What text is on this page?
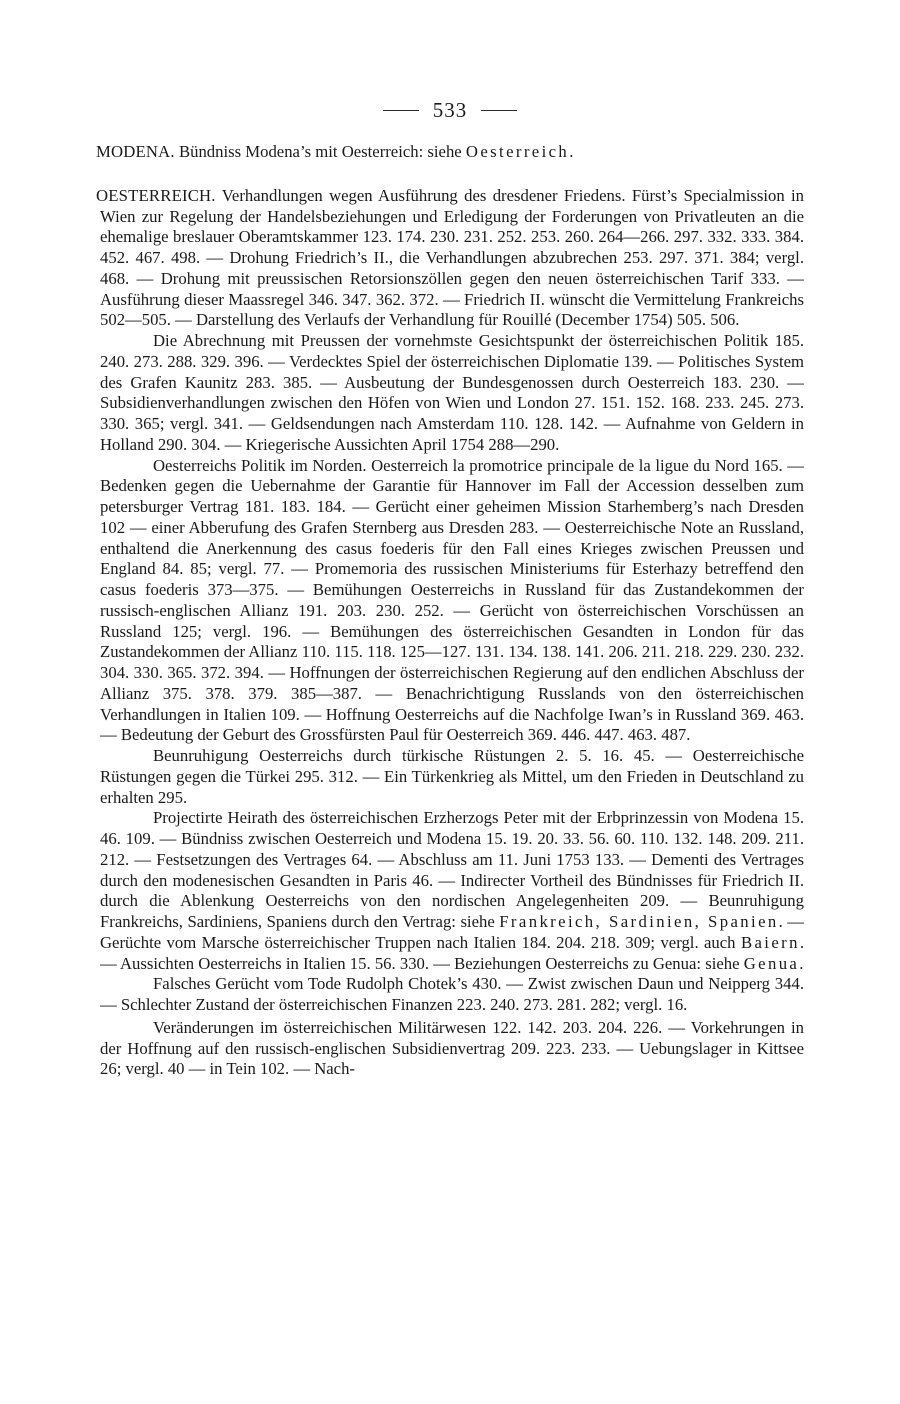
533

MODENA. Bündniss Modena’s mit Oesterreich: siehe Oesterreich.

OESTERREICH. Verhandlungen wegen Ausführung des dresdener Friedens. Fürst’s Specialmission in Wien zur Regelung der Handelsbeziehungen und Erledigung der Forderungen von Privatleuten an die ehemalige breslauer Oberamtskammer 123. 174. 230. 231. 252. 253. 260. 264—266. 297. 332. 333. 384. 452. 467. 498. — Drohung Friedrich’s II., die Verhandlungen abzubrechen 253. 297. 371. 384; vergl. 468. — Drohung mit preussischen Retorsionszöllen gegen den neuen österreichischen Tarif 333. — Ausführung dieser Maassregel 346. 347. 362. 372. — Friedrich II. wünscht die Vermittelung Frankreichs 502—505. — Darstellung des Verlaufs der Verhandlung für Rouillé (December 1754) 505. 506.

Die Abrechnung mit Preussen der vornehmste Gesichtspunkt der österreichischen Politik 185. 240. 273. 288. 329. 396. — Verdecktes Spiel der österreichischen Diplomatie 139. — Politisches System des Grafen Kaunitz 283. 385. — Ausbeutung der Bundesgenossen durch Oesterreich 183. 230. — Subsidienverhandlungen zwischen den Höfen von Wien und London 27. 151. 152. 168. 233. 245. 273. 330. 365; vergl. 341. — Geldsendungen nach Amsterdam 110. 128. 142. — Aufnahme von Geldern in Holland 290. 304. — Kriegerische Aussichten April 1754 288—290.

Oesterreichs Politik im Norden. Oesterreich la promotrice principale de la ligue du Nord 165. — Bedenken gegen die Uebernahme der Garantie für Hannover im Fall der Accession desselben zum petersburger Vertrag 181. 183. 184. — Gerücht einer geheimen Mission Starhemberg’s nach Dresden 102 — einer Abberufung des Grafen Sternberg aus Dresden 283. — Oesterreichische Note an Russland, enthaltend die Anerkennung des casus foederis für den Fall eines Krieges zwischen Preussen und England 84. 85; vergl. 77. — Promemoria des russischen Ministeriums für Esterhazy betreffend den casus foederis 373—375. — Bemühungen Oesterreichs in Russland für das Zustandekommen der russisch-englischen Allianz 191. 203. 230. 252. — Gerücht von österreichischen Vorschüssen an Russland 125; vergl. 196. — Bemühungen des österreichischen Gesandten in London für das Zustandekommen der Allianz 110. 115. 118. 125—127. 131. 134. 138. 141. 206. 211. 218. 229. 230. 232. 304. 330. 365. 372. 394. — Hoffnungen der österreichischen Regierung auf den endlichen Abschluss der Allianz 375. 378. 379. 385—387. — Benachrichtigung Russlands von den österreichischen Verhandlungen in Italien 109. — Hoffnung Oesterreichs auf die Nachfolge Iwan’s in Russland 369. 463. — Bedeutung der Geburt des Grossfürsten Paul für Oesterreich 369. 446. 447. 463. 487.

Beunruhigung Oesterreichs durch türkische Rüstungen 2. 5. 16. 45. — Oesterreichische Rüstungen gegen die Türkei 295. 312. — Ein Türkenkrieg als Mittel, um den Frieden in Deutschland zu erhalten 295.

Projectirte Heirath des österreichischen Erzherzogs Peter mit der Erbprinzessin von Modena 15. 46. 109. — Bündniss zwischen Oesterreich und Modena 15. 19. 20. 33. 56. 60. 110. 132. 148. 209. 211. 212. — Festsetzungen des Vertrages 64. — Abschluss am 11. Juni 1753 133. — Dementi des Vertrages durch den modenesischen Gesandten in Paris 46. — Indirecter Vortheil des Bündnisses für Friedrich II. durch die Ablenkung Oesterreichs von den nordischen Angelegenheiten 209. — Beunruhigung Frankreichs, Sardiniens, Spaniens durch den Vertrag: siehe Frankreich, Sardinien, Spanien. — Gerüchte vom Marsche österreichischer Truppen nach Italien 184. 204. 218. 309; vergl. auch Baiern. — Aussichten Oesterreichs in Italien 15. 56. 330. — Beziehungen Oesterreichs zu Genua: siehe Genua.

Falsches Gerücht vom Tode Rudolph Chotek’s 430. — Zwist zwischen Daun und Neipperg 344. — Schlechter Zustand der österreichischen Finanzen 223. 240. 273. 281. 282; vergl. 16.

Veränderungen im österreichischen Militärwesen 122. 142. 203. 204. 226. — Vorkehrungen in der Hoffnung auf den russisch-englischen Subsidienvertrag 209. 223. 233. — Uebungslager in Kittsee 26; vergl. 40 — in Tein 102. — Nach-
